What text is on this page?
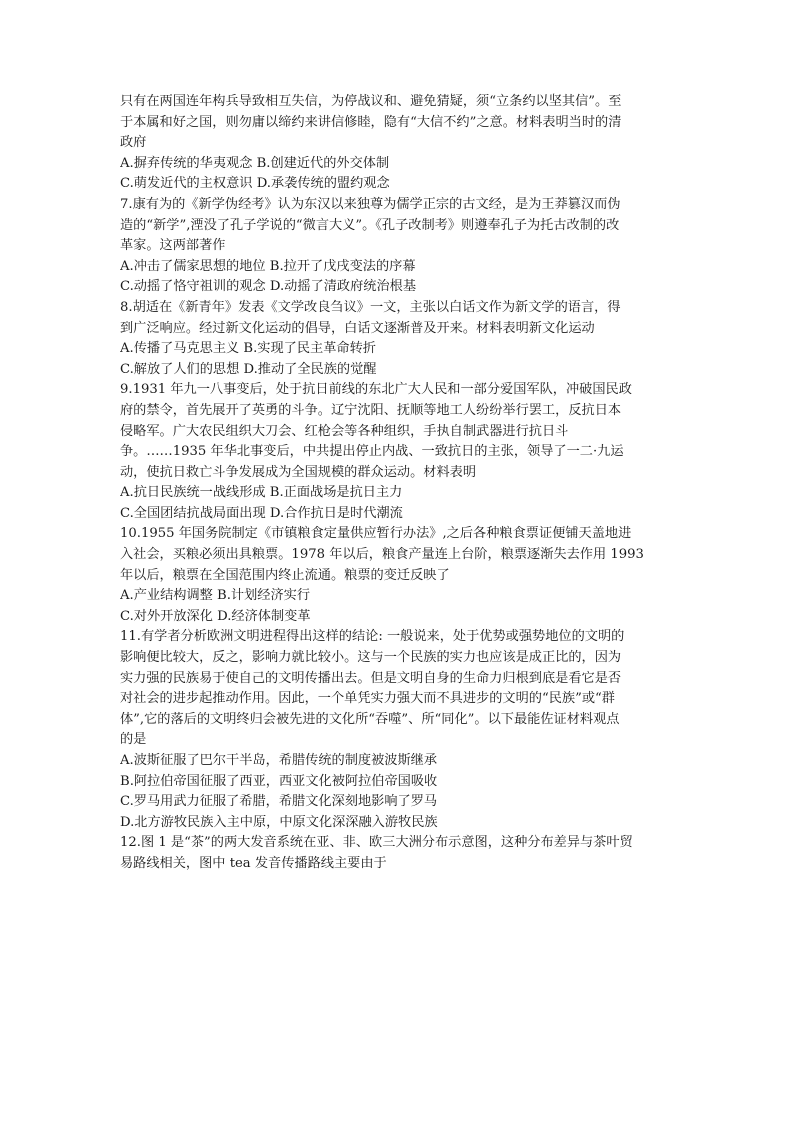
只有在两国连年构兵导致相互失信，为停战议和、避免猜疑，须“立条约以坚其信”。至
于本属和好之国，则勿庸以缔约来讲信修睦，隐有“大信不约”之意。材料表明当时的清
政府
A.摒弃传统的华夷观念 B.创建近代的外交体制
C.萌发近代的主权意识 D.承袭传统的盟约观念
7.康有为的《新学伪经考》认为东汉以来独尊为儒学正宗的古文经，是为王莽篡汉而伪
造的“新学”,湮没了孔子学说的“微言大义”。《孔子改制考》则遵奉孔子为托古改制的改
革家。这两部著作
A.冲击了儒家思想的地位 B.拉开了戊戌变法的序幕
C.动摇了恪守祖训的观念 D.动摇了清政府统治根基
8.胡适在《新青年》发表《文学改良刍议》一文，主张以白话文作为新文学的语言，得
到广泛响应。经过新文化运动的倡导，白话文逐渐普及开来。材料表明新文化运动
A.传播了马克思主义 B.实现了民主革命转折
C.解放了人们的思想 D.推动了全民族的觉醒
9.1931 年九一八事变后，处于抗日前线的东北广大人民和一部分爱国军队，冲破国民政
府的禁令，首先展开了英勇的斗争。辽宁沈阳、抚顺等地工人纷纷举行罢工，反抗日本
侵略军。广大农民组织大刀会、红枪会等各种组织，手执自制武器进行抗日斗
争。……1935 年华北事变后，中共提出停止内战、一致抗日的主张，领导了一二·九运
动，使抗日救亡斗争发展成为全国规模的群众运动。材料表明
A.抗日民族统一战线形成 B.正面战场是抗日主力
C.全国团结抗战局面出现 D.合作抗日是时代潮流
10.1955 年国务院制定《市镇粮食定量供应暂行办法》,之后各种粮食票证便铺天盖地进
入社会，买粮必须出具粮票。1978 年以后，粮食产量连上台阶，粮票逐渐失去作用 1993
年以后，粮票在全国范围内终止流通。粮票的变迁反映了
A.产业结构调整 B.计划经济实行
C.对外开放深化 D.经济体制变革
11.有学者分析欧洲文明进程得出这样的结论: 一般说来，处于优势或强势地位的文明的
影响便比较大，反之，影响力就比较小。这与一个民族的实力也应该是成正比的，因为
实力强的民族易于使自己的文明传播出去。但是文明自身的生命力归根到底是看它是否
对社会的进步起推动作用。因此，一个单凭实力强大而不具进步的文明的“民族”或“群
体”,它的落后的文明终归会被先进的文化所“吞噬”、所“同化”。以下最能佐证材料观点
的是
A.波斯征服了巴尔干半岛，希腊传统的制度被波斯继承
B.阿拉伯帝国征服了西亚，西亚文化被阿拉伯帝国吸收
C.罗马用武力征服了希腊，希腊文化深刻地影响了罗马
D.北方游牧民族入主中原，中原文化深深融入游牧民族
12.图 1 是“茶”的两大发音系统在亚、非、欧三大洲分布示意图，这种分布差异与茶叶贸
易路线相关，图中 tea 发音传播路线主要由于
